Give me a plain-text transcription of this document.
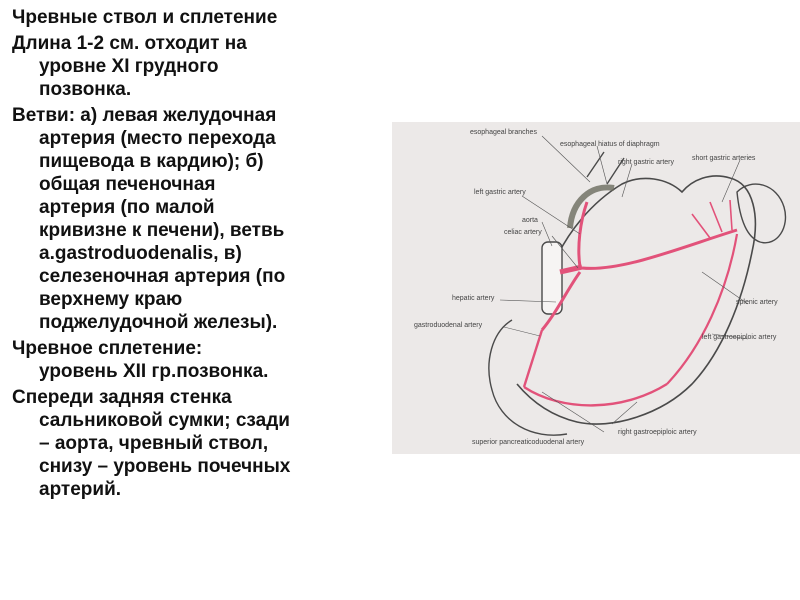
Чревные ствол и сплетение
Длина 1-2 см. отходит на
уровне XI грудного
позвонка.
Ветви: а) левая желудочная
артерия (место перехода
пищевода в кардию); б)
общая печеночная
артерия (по малой
кривизне к печени), ветвь
a.gastroduodenalis, в)
селезеночная артерия (по
верхнему краю
поджелудочной железы).
Чревное сплетение:
уровень XII гр.позвонка.
Спереди задняя стенка
сальниковой сумки; сзади
– аорта, чревный ствол,
снизу – уровень почечных
артерий.
esophageal branches
esophageal hiatus of diaphragm
right gastric artery
short gastric arteries
left gastric artery
aorta
celiac artery
hepatic artery
gastroduodenal artery
splenic artery
left gastroepiploic artery
right gastroepiploic artery
superior pancreaticoduodenal artery
